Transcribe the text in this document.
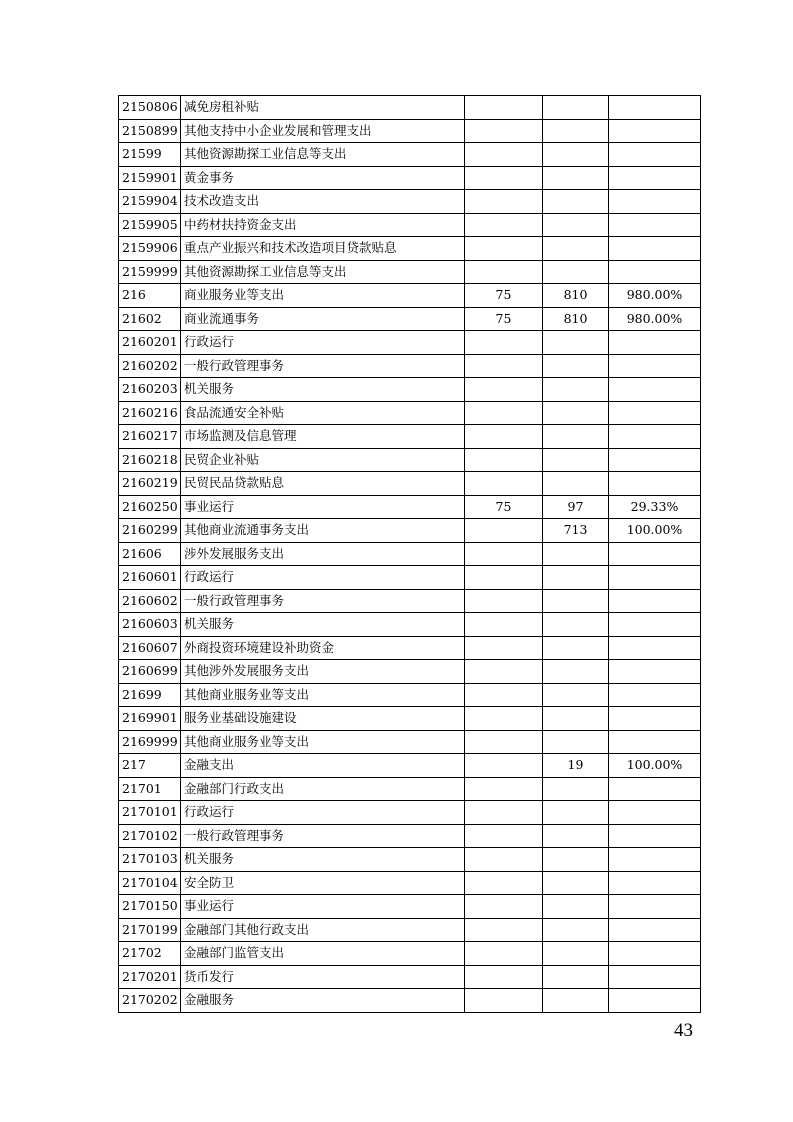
2150806	减免房租补贴			
2150899	其他支持中小企业发展和管理支出			
21599	其他资源勘探工业信息等支出			
2159901	黄金事务			
2159904	技术改造支出			
2159905	中药材扶持资金支出			
2159906	重点产业振兴和技术改造项目贷款贴息			
2159999	其他资源勘探工业信息等支出			
216	商业服务业等支出	75	810	980.00%
21602	商业流通事务	75	810	980.00%
2160201	行政运行			
2160202	一般行政管理事务			
2160203	机关服务			
2160216	食品流通安全补贴			
2160217	市场监测及信息管理			
2160218	民贸企业补贴			
2160219	民贸民品贷款贴息			
2160250	事业运行	75	97	29.33%
2160299	其他商业流通事务支出		713	100.00%
21606	涉外发展服务支出			
2160601	行政运行			
2160602	一般行政管理事务			
2160603	机关服务			
2160607	外商投资环境建设补助资金			
2160699	其他涉外发展服务支出			
21699	其他商业服务业等支出			
2169901	服务业基础设施建设			
2169999	其他商业服务业等支出			
217	金融支出		19	100.00%
21701	金融部门行政支出			
2170101	行政运行			
2170102	一般行政管理事务			
2170103	机关服务			
2170104	安全防卫			
2170150	事业运行			
2170199	金融部门其他行政支出			
21702	金融部门监管支出			
2170201	货币发行			
2170202	金融服务			
43
